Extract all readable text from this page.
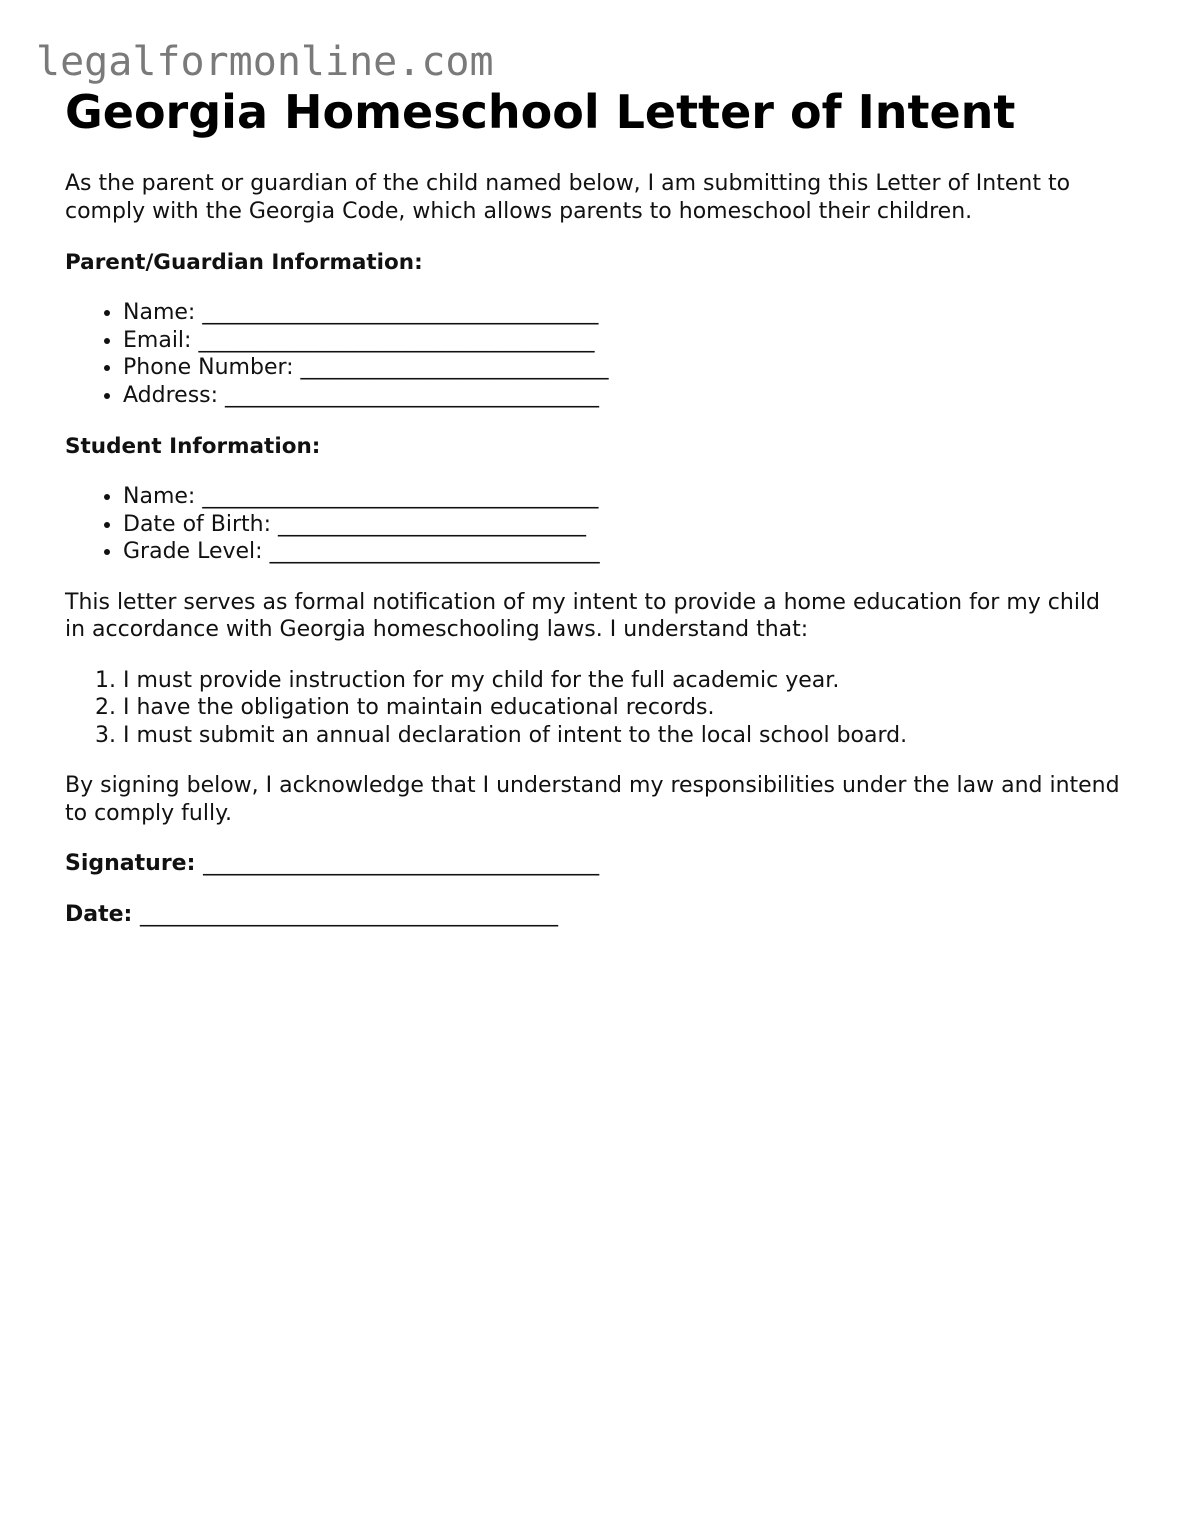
legalformonline.com
Georgia Homeschool Letter of Intent

As the parent or guardian of the child named below, I am submitting this Letter of Intent to comply with the Georgia Code, which allows parents to homeschool their children.

Parent/Guardian Information:

• Name: ____________________________________
• Email: ____________________________________
• Phone Number: ____________________________
• Address: __________________________________

Student Information:

• Name: ____________________________________
• Date of Birth: ____________________________
• Grade Level: ______________________________

This letter serves as formal notification of my intent to provide a home education for my child in accordance with Georgia homeschooling laws. I understand that:

1. I must provide instruction for my child for the full academic year.
2. I have the obligation to maintain educational records.
3. I must submit an annual declaration of intent to the local school board.

By signing below, I acknowledge that I understand my responsibilities under the law and intend to comply fully.

Signature: ____________________________________

Date: ______________________________________
